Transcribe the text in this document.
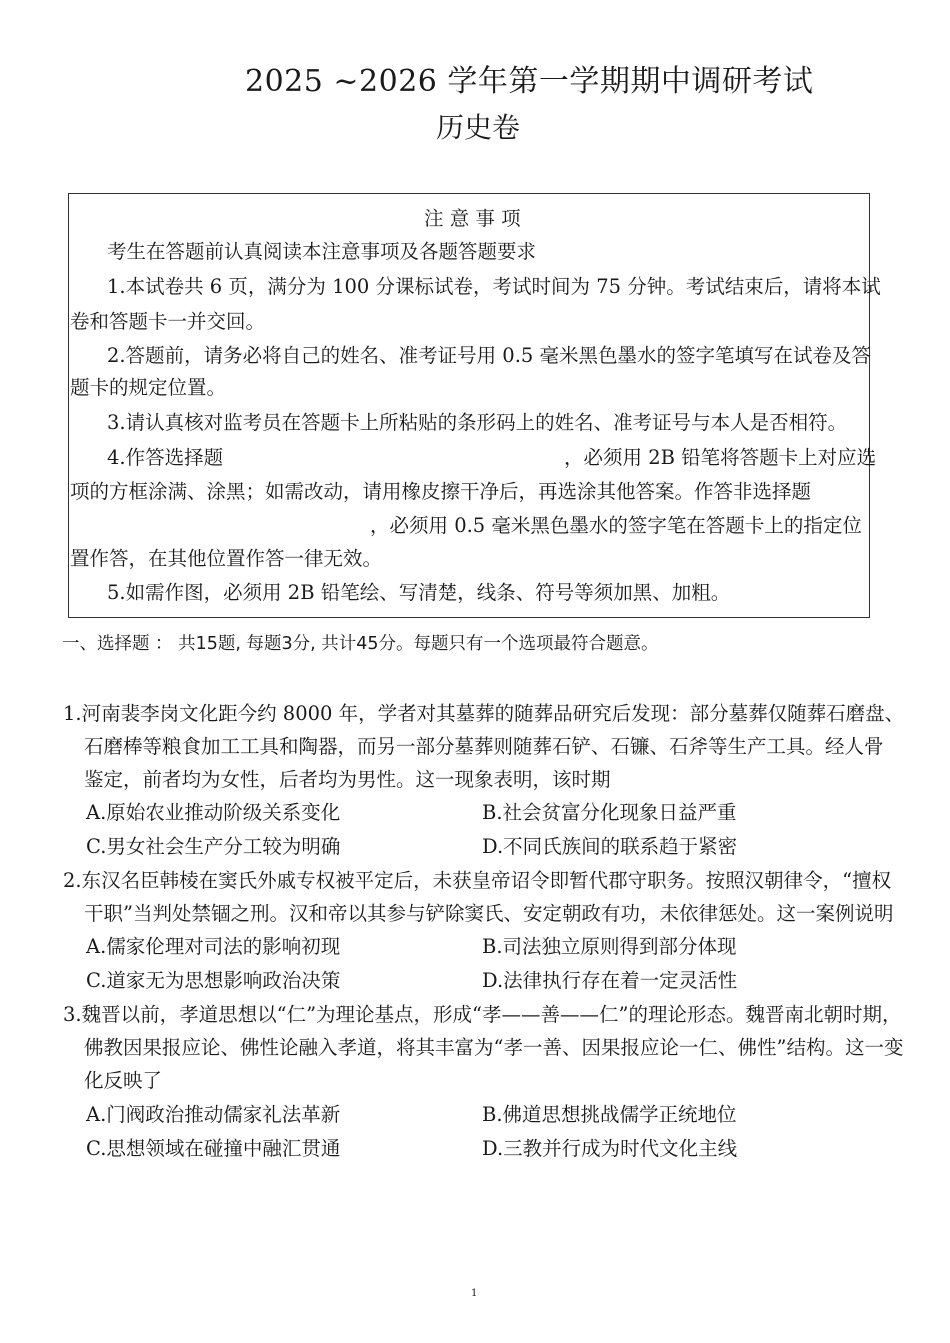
2025 ~2026 学年第一学期期中调研考试
历史卷
注 意 事 项
考生在答题前认真阅读本注意事项及各题答题要求
1.本试卷共 6 页，满分为 100 分课标试卷，考试时间为 75 分钟。考试结束后，请将本试
卷和答题卡一并交回。
2.答题前，请务必将自己的姓名、准考证号用 0.5 毫米黑色墨水的签字笔填写在试卷及答
题卡的规定位置。
3.请认真核对监考员在答题卡上所粘贴的条形码上的姓名、准考证号与本人是否相符。
4.作答选择题	，必须用 2B 铅笔将答题卡上对应选
项的方框涂满、涂黑；如需改动，请用橡皮擦干净后，再选涂其他答案。作答非选择题
，必须用 0.5 毫米黑色墨水的签字笔在答题卡上的指定位
置作答，在其他位置作答一律无效。
5.如需作图，必须用 2B 铅笔绘、写清楚，线条、符号等须加黑、加粗。
一、选择题 ： 共15题, 每题3分, 共计45分。每题只有一个选项最符合题意。
1.河南裴李岗文化距今约 8000 年，学者对其墓葬的随葬品研究后发现：部分墓葬仅随葬石磨盘、
石磨棒等粮食加工工具和陶器，而另一部分墓葬则随葬石铲、石镰、石斧等生产工具。经人骨
鉴定，前者均为女性，后者均为男性。这一现象表明，该时期
A.原始农业推动阶级关系变化	B.社会贫富分化现象日益严重
C.男女社会生产分工较为明确	D.不同氏族间的联系趋于紧密
2.东汉名臣韩棱在窦氏外戚专权被平定后，未获皇帝诏令即暂代郡守职务。按照汉朝律令，“擅权
干职”当判处禁锢之刑。汉和帝以其参与铲除窦氏、安定朝政有功，未依律惩处。这一案例说明
A.儒家伦理对司法的影响初现	B.司法独立原则得到部分体现
C.道家无为思想影响政治决策	D.法律执行存在着一定灵活性
3.魏晋以前，孝道思想以“仁”为理论基点，形成“孝——善——仁”的理论形态。魏晋南北朝时期，
佛教因果报应论、佛性论融入孝道，将其丰富为“孝一善、因果报应论一仁、佛性”结构。这一变
化反映了
A.门阀政治推动儒家礼法革新	B.佛道思想挑战儒学正统地位
C.思想领域在碰撞中融汇贯通	D.三教并行成为时代文化主线
1
